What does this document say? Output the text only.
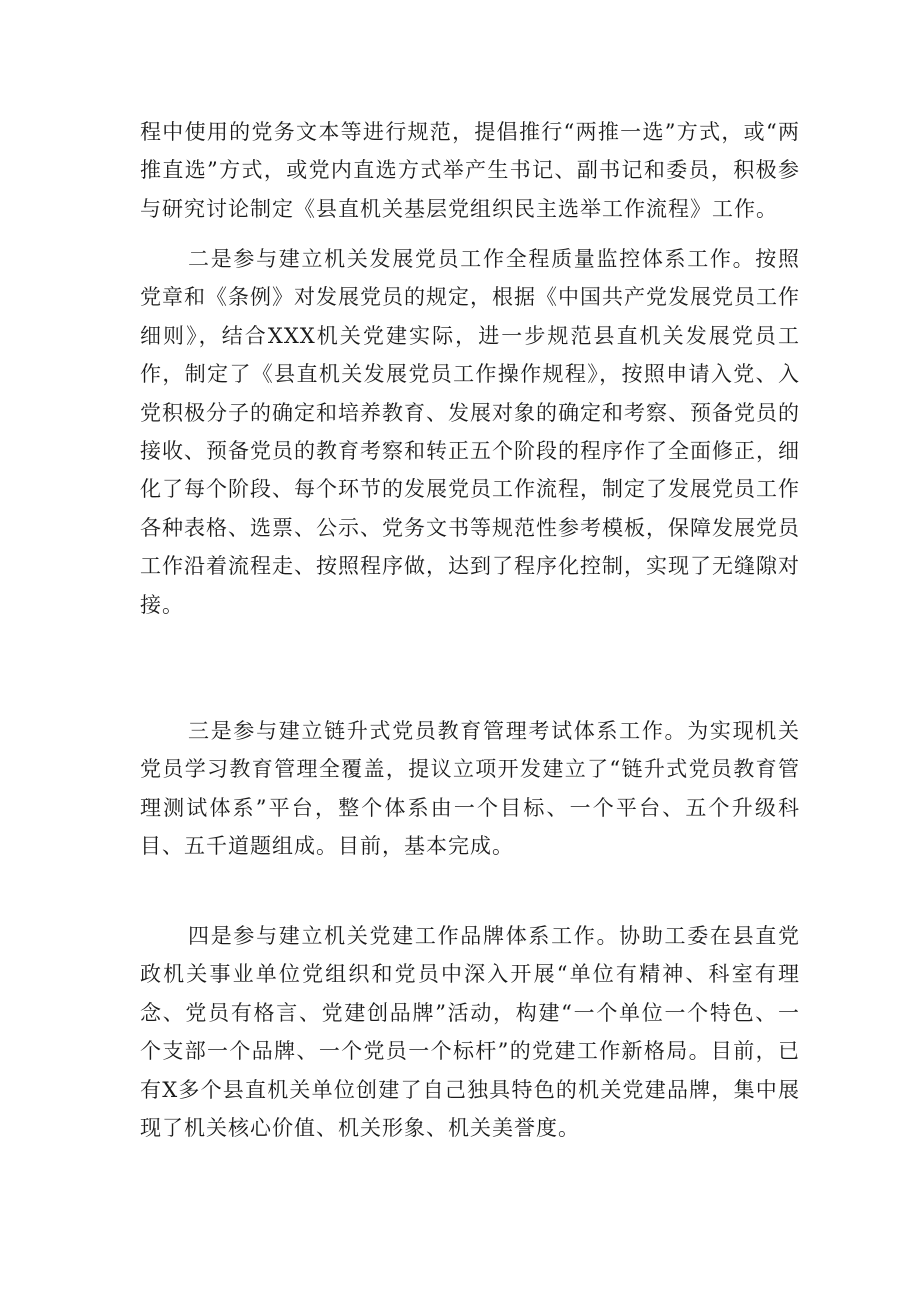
程中使用的党务文本等进行规范，提倡推行“两推一选”方式，或“两推直选”方式，或党内直选方式举产生书记、副书记和委员，积极参与研究讨论制定《县直机关基层党组织民主选举工作流程》工作。

二是参与建立机关发展党员工作全程质量监控体系工作。按照党章和《条例》对发展党员的规定，根据《中国共产党发展党员工作细则》，结合XXX机关党建实际，进一步规范县直机关发展党员工作，制定了《县直机关发展党员工作操作规程》，按照申请入党、入党积极分子的确定和培养教育、发展对象的确定和考察、预备党员的接收、预备党员的教育考察和转正五个阶段的程序作了全面修正，细化了每个阶段、每个环节的发展党员工作流程，制定了发展党员工作各种表格、选票、公示、党务文书等规范性参考模板，保障发展党员工作沿着流程走、按照程序做，达到了程序化控制，实现了无缝隙对接。

三是参与建立链升式党员教育管理考试体系工作。为实现机关党员学习教育管理全覆盖，提议立项开发建立了“链升式党员教育管理测试体系”平台，整个体系由一个目标、一个平台、五个升级科目、五千道题组成。目前，基本完成。

四是参与建立机关党建工作品牌体系工作。协助工委在县直党政机关事业单位党组织和党员中深入开展“单位有精神、科室有理念、党员有格言、党建创品牌”活动，构建“一个单位一个特色、一个支部一个品牌、一个党员一个标杆”的党建工作新格局。目前，已有X多个县直机关单位创建了自己独具特色的机关党建品牌，集中展现了机关核心价值、机关形象、机关美誉度。
